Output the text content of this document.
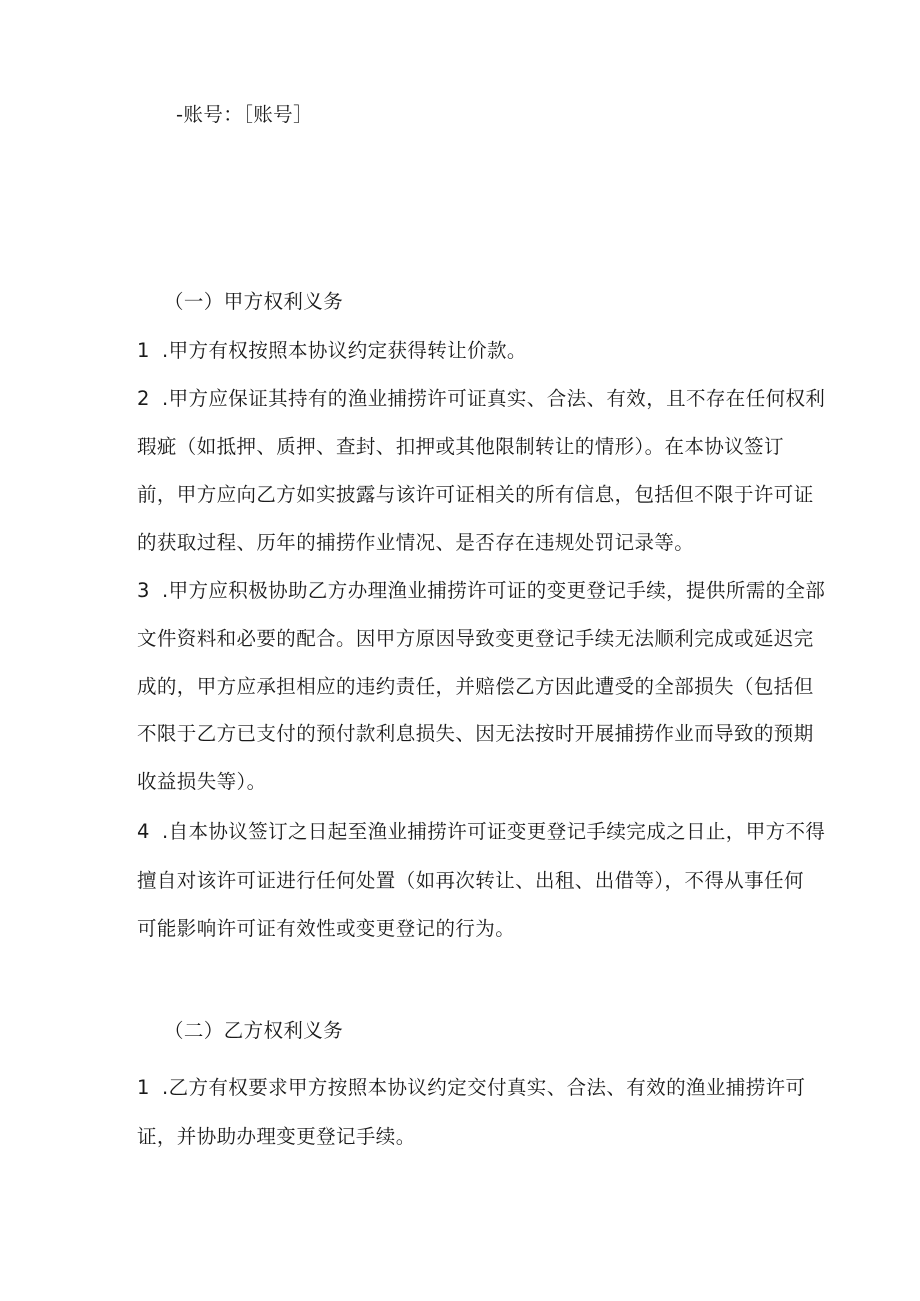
-账号：［账号］
（一）甲方权利义务
1 .甲方有权按照本协议约定获得转让价款。
2 .甲方应保证其持有的渔业捕捞许可证真实、合法、有效，且不存在任何权利
瑕疵（如抵押、质押、查封、扣押或其他限制转让的情形）。在本协议签订
前，甲方应向乙方如实披露与该许可证相关的所有信息，包括但不限于许可证
的获取过程、历年的捕捞作业情况、是否存在违规处罚记录等。
3 .甲方应积极协助乙方办理渔业捕捞许可证的变更登记手续，提供所需的全部
文件资料和必要的配合。因甲方原因导致变更登记手续无法顺利完成或延迟完
成的，甲方应承担相应的违约责任，并赔偿乙方因此遭受的全部损失（包括但
不限于乙方已支付的预付款利息损失、因无法按时开展捕捞作业而导致的预期
收益损失等）。
4 .自本协议签订之日起至渔业捕捞许可证变更登记手续完成之日止，甲方不得
擅自对该许可证进行任何处置（如再次转让、出租、出借等），不得从事任何
可能影响许可证有效性或变更登记的行为。
（二）乙方权利义务
1 .乙方有权要求甲方按照本协议约定交付真实、合法、有效的渔业捕捞许可
证，并协助办理变更登记手续。
